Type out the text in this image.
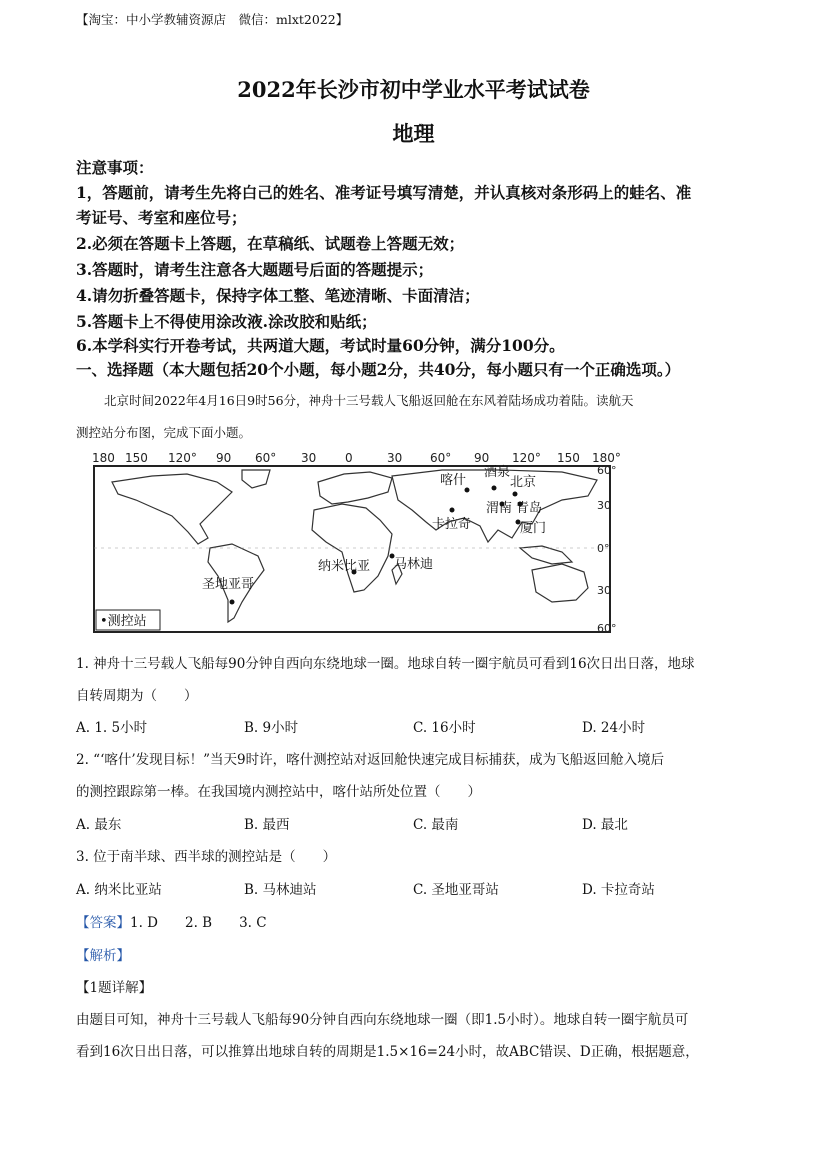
【淘宝：中小学教辅资源店　微信：mlxt2022】
2022年长沙市初中学业水平考试试卷
地理
注意事项：
1，答题前，请考生先将白己的姓名、准考证号填写清楚，并认真核对条形码上的蛙名、准
考证号、考室和座位号；
2.必须在答题卡上答题，在草稿纸、试题卷上答题无效；
3.答题时，请考生注意各大题题号后面的答题提示；
4.请勿折叠答题卡，保持字体工整、笔迹清晰、卡面清洁；
5.答题卡上不得使用涂改液.涂改胶和贴纸；
6.本学科实行开卷考试，共两道大题，考试时量60分钟，满分100分。
一、选择题（本大题包括20个小题，每小题2分，共40分，每小题只有一个正确选项。）
北京时间2022年4月16日9时56分，神舟十三号载人飞船返回舱在东风着陆场成功着陆。读航天
测控站分布图，完成下面小题。
180 150 120° 90 60° 30 0	30 60° 90 120° 150 180°
60°
30
0°
30
60°
喀什
酒泉
北京
渭南 青岛
卡拉奇	厦门
纳米比亚 马林迪
圣地亚哥
•测控站
1. 神舟十三号载人飞船每90分钟自西向东绕地球一圈。地球自转一圈宇航员可看到16次日出日落，地球
自转周期为（　　）
A. 1. 5小时	B. 9小时	C. 16小时	D. 24小时
2. “‘喀什’发现目标！”当天9时许，喀什测控站对返回舱快速完成目标捕获，成为飞船返回舱入境后
的测控跟踪第一棒。在我国境内测控站中，喀什站所处位置（　　）
A. 最东	B. 最西	C. 最南	D. 最北
3. 位于南半球、西半球的测控站是（　　）
A. 纳米比亚站	B. 马林迪站	C. 圣地亚哥站	D. 卡拉奇站
【答案】1. D　　2. B　　3. C
【解析】
【1题详解】
由题目可知，神舟十三号载人飞船每90分钟自西向东绕地球一圈（即1.5小时）。地球自转一圈宇航员可
看到16次日出日落，可以推算出地球自转的周期是1.5×16=24小时，故ABC错误、D正确，根据题意，
